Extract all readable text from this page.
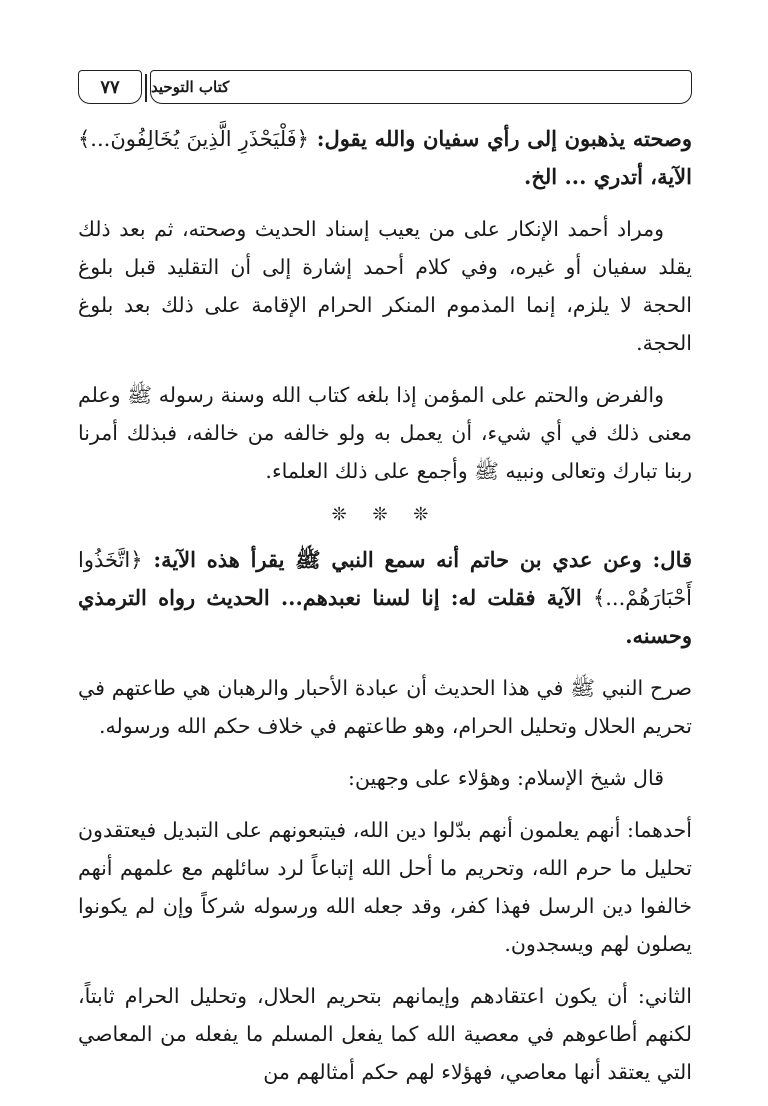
٧٧	كتاب التوحيد

وصحته يذهبون إلى رأي سفيان والله يقول: ﴿فَلْيَحْذَرِ الَّذِينَ يُخَالِفُونَ...﴾ الآية، أتدري ... الخ.

ومراد أحمد الإنكار على من يعيب إسناد الحديث وصحته، ثم بعد ذلك يقلد سفيان أو غيره، وفي كلام أحمد إشارة إلى أن التقليد قبل بلوغ الحجة لا يلزم، إنما المذموم المنكر الحرام الإقامة على ذلك بعد بلوغ الحجة.

والفرض والحتم على المؤمن إذا بلغه كتاب الله وسنة رسوله ﷺ وعلم معنى ذلك في أي شيء، أن يعمل به ولو خالفه من خالفه، فبذلك أمرنا ربنا تبارك وتعالى ونبيه ﷺ وأجمع على ذلك العلماء.

❊ ❊ ❊

قال: وعن عدي بن حاتم أنه سمع النبي ﷺ يقرأ هذه الآية: ﴿اتَّخَذُوا أَحْبَارَهُمْ...﴾ الآية فقلت له: إنا لسنا نعبدهم... الحديث رواه الترمذي وحسنه.

صرح النبي ﷺ في هذا الحديث أن عبادة الأحبار والرهبان هي طاعتهم في تحريم الحلال وتحليل الحرام، وهو طاعتهم في خلاف حكم الله ورسوله.

قال شيخ الإسلام: وهؤلاء على وجهين:

أحدهما: أنهم يعلمون أنهم بدّلوا دين الله، فيتبعونهم على التبديل فيعتقدون تحليل ما حرم الله، وتحريم ما أحل الله إتباعاً لرد سائلهم مع علمهم أنهم خالفوا دين الرسل فهذا كفر، وقد جعله الله ورسوله شركاً وإن لم يكونوا يصلون لهم ويسجدون.

الثاني: أن يكون اعتقادهم وإيمانهم بتحريم الحلال، وتحليل الحرام ثابتاً، لكنهم أطاعوهم في معصية الله كما يفعل المسلم ما يفعله من المعاصي التي يعتقد أنها معاصي، فهؤلاء لهم حكم أمثالهم من
